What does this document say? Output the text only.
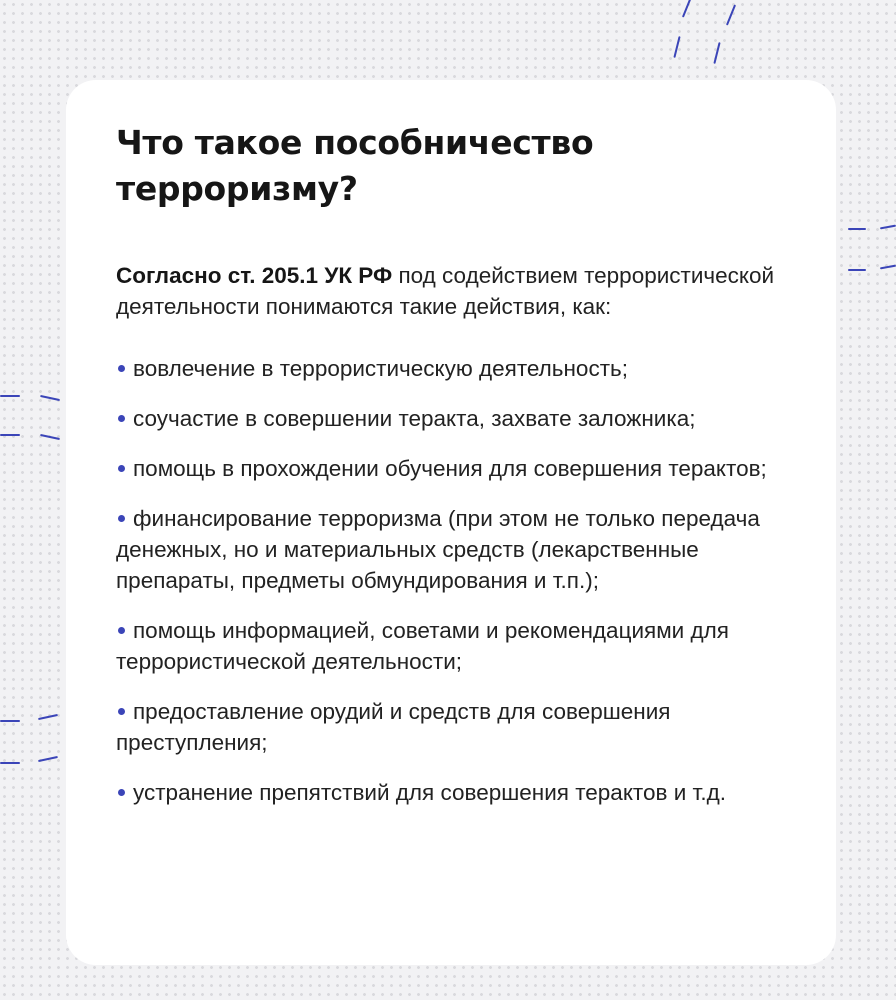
Что такое пособничество терроризму?

Согласно ст. 205.1 УК РФ под содействием террористической деятельности понимаются такие действия, как:

вовлечение в террористическую деятельность;
соучастие в совершении теракта, захвате заложника;
помощь в прохождении обучения для совершения терактов;
финансирование терроризма (при этом не только передача денежных, но и материальных средств (лекарственные препараты, предметы обмундирования и т.п.);
помощь информацией, советами и рекомендациями для террористической деятельности;
предоставление орудий и средств для совершения преступления;
устранение препятствий для совершения терактов и т.д.
